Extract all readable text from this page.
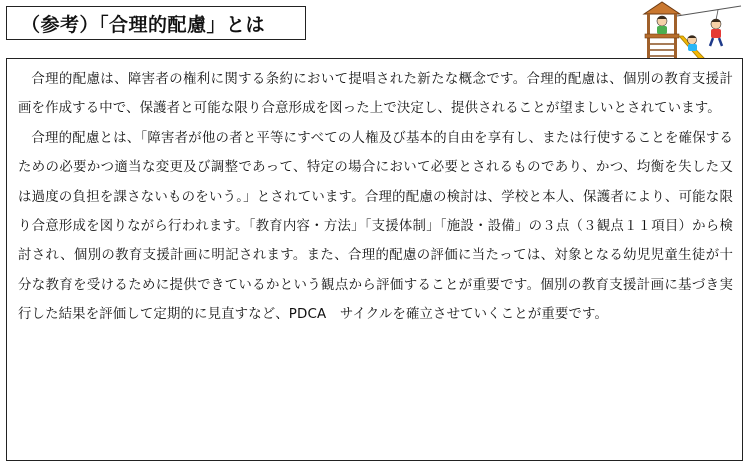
（参考）「合理的配慮」とは

合理的配慮は、障害者の権利に関する条約において提唱された新たな概念です。合理的配慮は、個別の教育支援計画を作成する中で、保護者と可能な限り合意形成を図った上で決定し、提供されることが望ましいとされています。

合理的配慮とは、「障害者が他の者と平等にすべての人権及び基本的自由を享有し、または行使することを確保するための必要かつ適当な変更及び調整であって、特定の場合において必要とされるものであり、かつ、均衡を失した又は過度の負担を課さないものをいう。」とされています。合理的配慮の検討は、学校と本人、保護者により、可能な限り合意形成を図りながら行われます。「教育内容・方法」「支援体制」「施設・設備」の３点（３観点１１項目）から検討され、個別の教育支援計画に明記されます。また、合理的配慮の評価に当たっては、対象となる幼児児童生徒が十分な教育を受けるために提供できているかという観点から評価することが重要です。個別の教育支援計画に基づき実行した結果を評価して定期的に見直すなど、PDCA　サイクルを確立させていくことが重要です。
